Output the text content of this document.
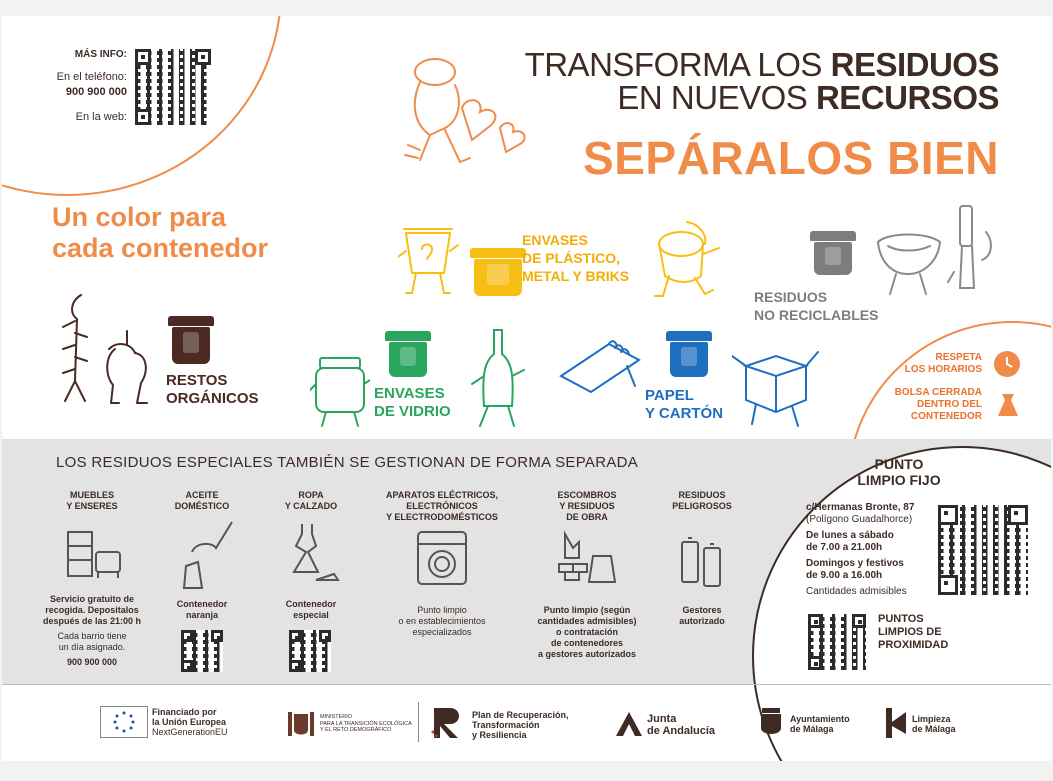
MÁS INFO:
En el teléfono:
900 900 000
En la web:
TRANSFORMA LOS RESIDUOS
EN NUEVOS RECURSOS
SEPÁRALOS BIEN
Un color para
cada contenedor	ENVASES
DE PLÁSTICO,
METAL Y BRIKS
RESIDUOS
NO RECICLABLES
RESTOS
ORGÁNICOS	ENVASES
DE VIDRIO
PAPEL
Y CARTÓN
RESPETA
LOS HORARIOS
BOLSA CERRADA
DENTRO DEL
CONTENEDOR
LOS RESIDUOS ESPECIALES TAMBIÉN SE GESTIONAN DE FORMA SEPARADA
MUEBLES
Y ENSERES
Servicio gratuito de
recogida. Depositalos
después de las 21:00 h
Cada barrio tiene
un día asignado.
900 900 000
ACEITE
DOMÉSTICO
Contenedor
naranja
ROPA
Y CALZADO
Contenedor
especial
APARATOS ELÉCTRICOS,
ELECTRÓNICOS
Y ELECTRODOMÉSTICOS
Punto limpio
o en establecimientos
especializados
ESCOMBROS
Y RESIDUOS
DE OBRA
Punto limpio (según
cantidades admisibles)
o contratación
de contenedores
a gestores autorizados
RESIDUOS
PELIGROSOS
Gestores
autorizado
PUNTO
LIMPIO FIJO
c/Hermanas Bronte, 87
(Polígono Guadalhorce)
De lunes a sábado
de 7.00 a 21.00h
Domingos y festivos
de 9.00 a 16.00h
Cantidades admisibles
PUNTOS
LIMPIOS DE
PROXIMIDAD
Financiado por
la Unión Europea
NextGenerationEU
MINISTERIO
PARA LA TRANSICIÓN ECOLÓGICA
Y EL RETO DEMOGRÁFICO
Plan de Recuperación,
Transformación
y Resiliencia
Junta
de Andalucía
Ayuntamiento
de Málaga
Limpieza
de Málaga
